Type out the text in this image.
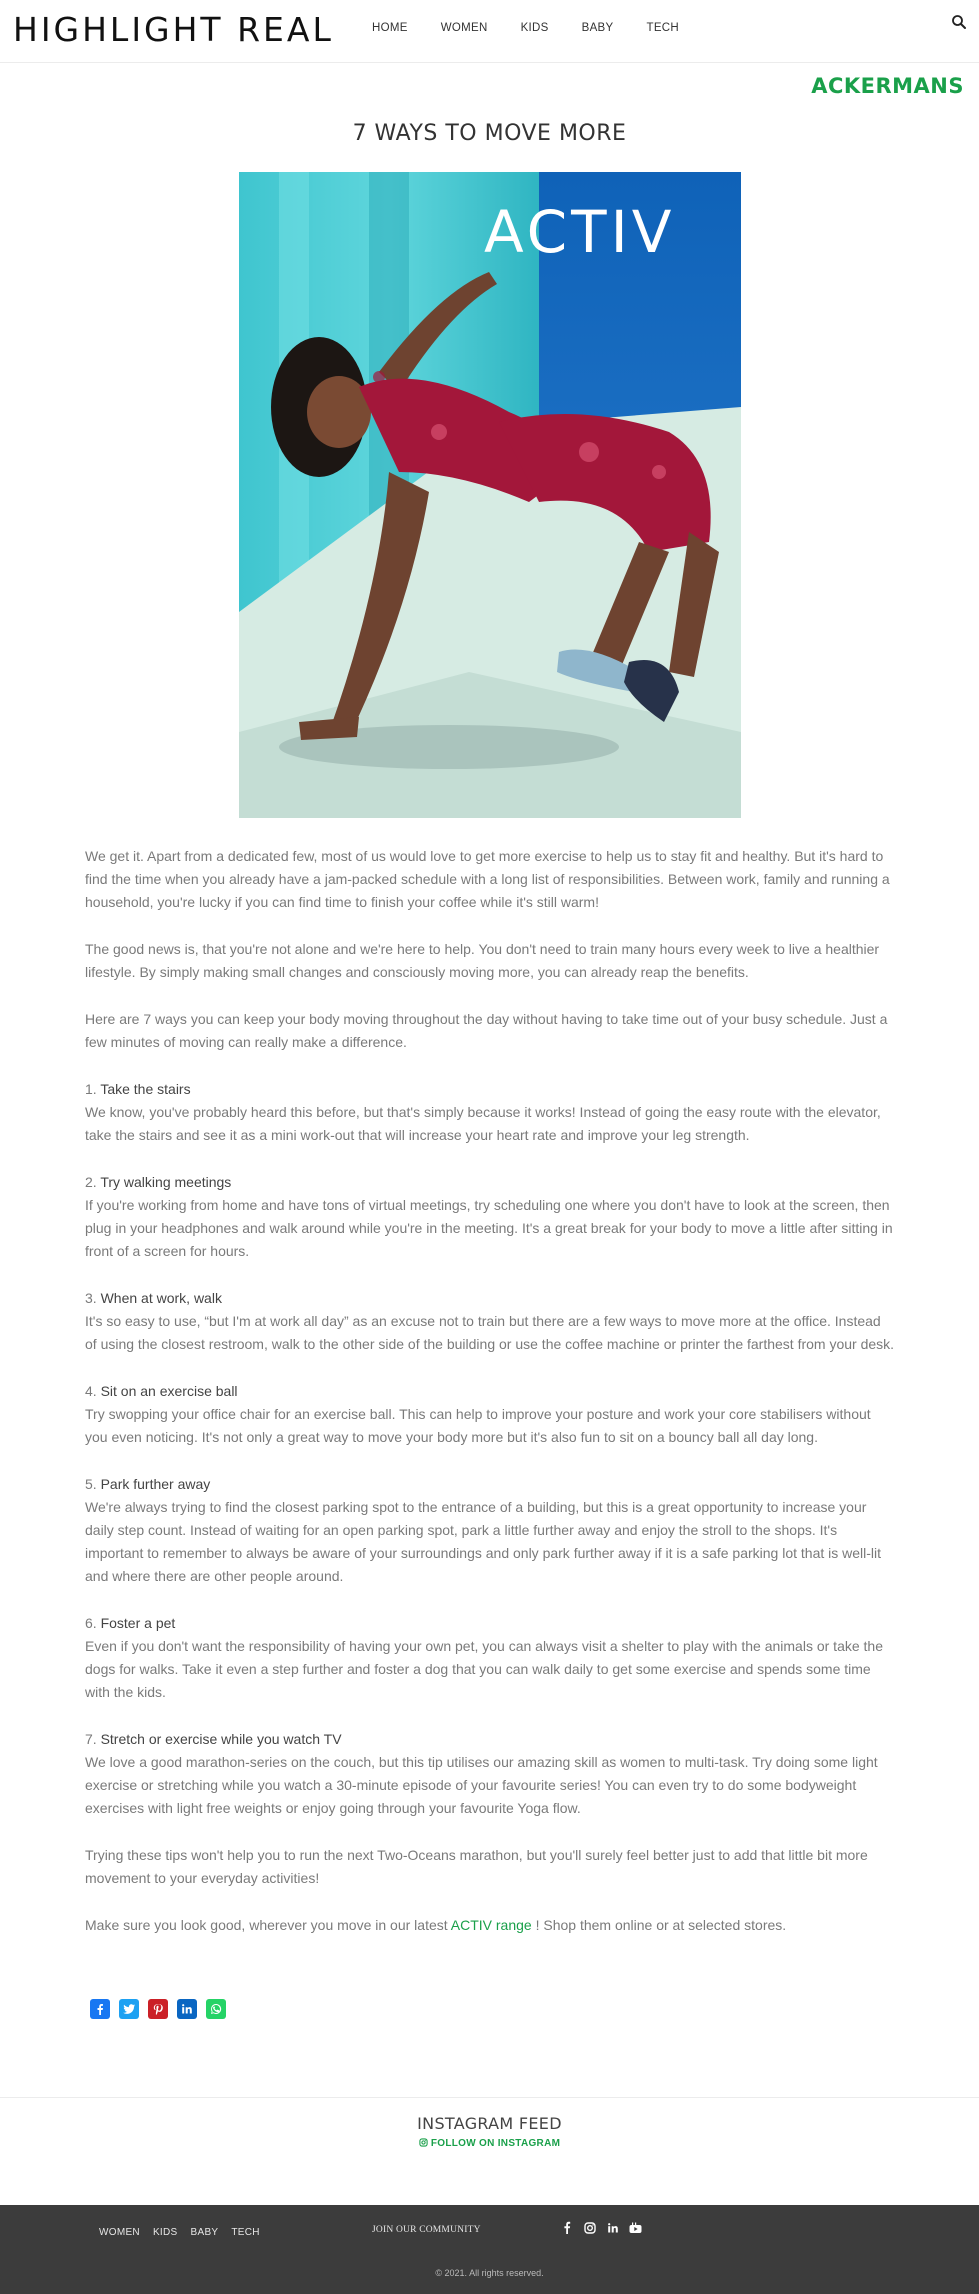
HIGHLIGHT REAL	HOME	WOMEN	KIDS	BABY	TECH
ACKERMANS
7 WAYS TO MOVE MORE
ACTIV

We get it. Apart from a dedicated few, most of us would love to get more exercise to help us to stay fit and healthy. But it's hard to find the time when you already have a jam-packed schedule with a long list of responsibilities. Between work, family and running a household, you're lucky if you can find time to finish your coffee while it's still warm!

The good news is, that you're not alone and we're here to help. You don't need to train many hours every week to live a healthier lifestyle. By simply making small changes and consciously moving more, you can already reap the benefits.

Here are 7 ways you can keep your body moving throughout the day without having to take time out of your busy schedule. Just a few minutes of moving can really make a difference.

1. Take the stairs
We know, you've probably heard this before, but that's simply because it works! Instead of going the easy route with the elevator, take the stairs and see it as a mini work-out that will increase your heart rate and improve your leg strength.

2. Try walking meetings
If you're working from home and have tons of virtual meetings, try scheduling one where you don't have to look at the screen, then plug in your headphones and walk around while you're in the meeting. It's a great break for your body to move a little after sitting in front of a screen for hours.

3. When at work, walk
It's so easy to use, “but I'm at work all day” as an excuse not to train but there are a few ways to move more at the office. Instead of using the closest restroom, walk to the other side of the building or use the coffee machine or printer the farthest from your desk.

4. Sit on an exercise ball
Try swopping your office chair for an exercise ball. This can help to improve your posture and work your core stabilisers without you even noticing. It's not only a great way to move your body more but it's also fun to sit on a bouncy ball all day long.

5. Park further away
We're always trying to find the closest parking spot to the entrance of a building, but this is a great opportunity to increase your daily step count. Instead of waiting for an open parking spot, park a little further away and enjoy the stroll to the shops. It's important to remember to always be aware of your surroundings and only park further away if it is a safe parking lot that is well-lit and where there are other people around.

6. Foster a pet
Even if you don't want the responsibility of having your own pet, you can always visit a shelter to play with the animals or take the dogs for walks. Take it even a step further and foster a dog that you can walk daily to get some exercise and spends some time with the kids.

7. Stretch or exercise while you watch TV
We love a good marathon-series on the couch, but this tip utilises our amazing skill as women to multi-task. Try doing some light exercise or stretching while you watch a 30-minute episode of your favourite series! You can even try to do some bodyweight exercises with light free weights or enjoy going through your favourite Yoga flow.

Trying these tips won't help you to run the next Two-Oceans marathon, but you'll surely feel better just to add that little bit more movement to your everyday activities!

Make sure you look good, wherever you move in our latest ACTIV range ! Shop them online or at selected stores.

INSTAGRAM FEED
FOLLOW ON INSTAGRAM
WOMEN KIDS BABY TECH	JOIN OUR COMMUNITY
© 2021. All rights reserved.
